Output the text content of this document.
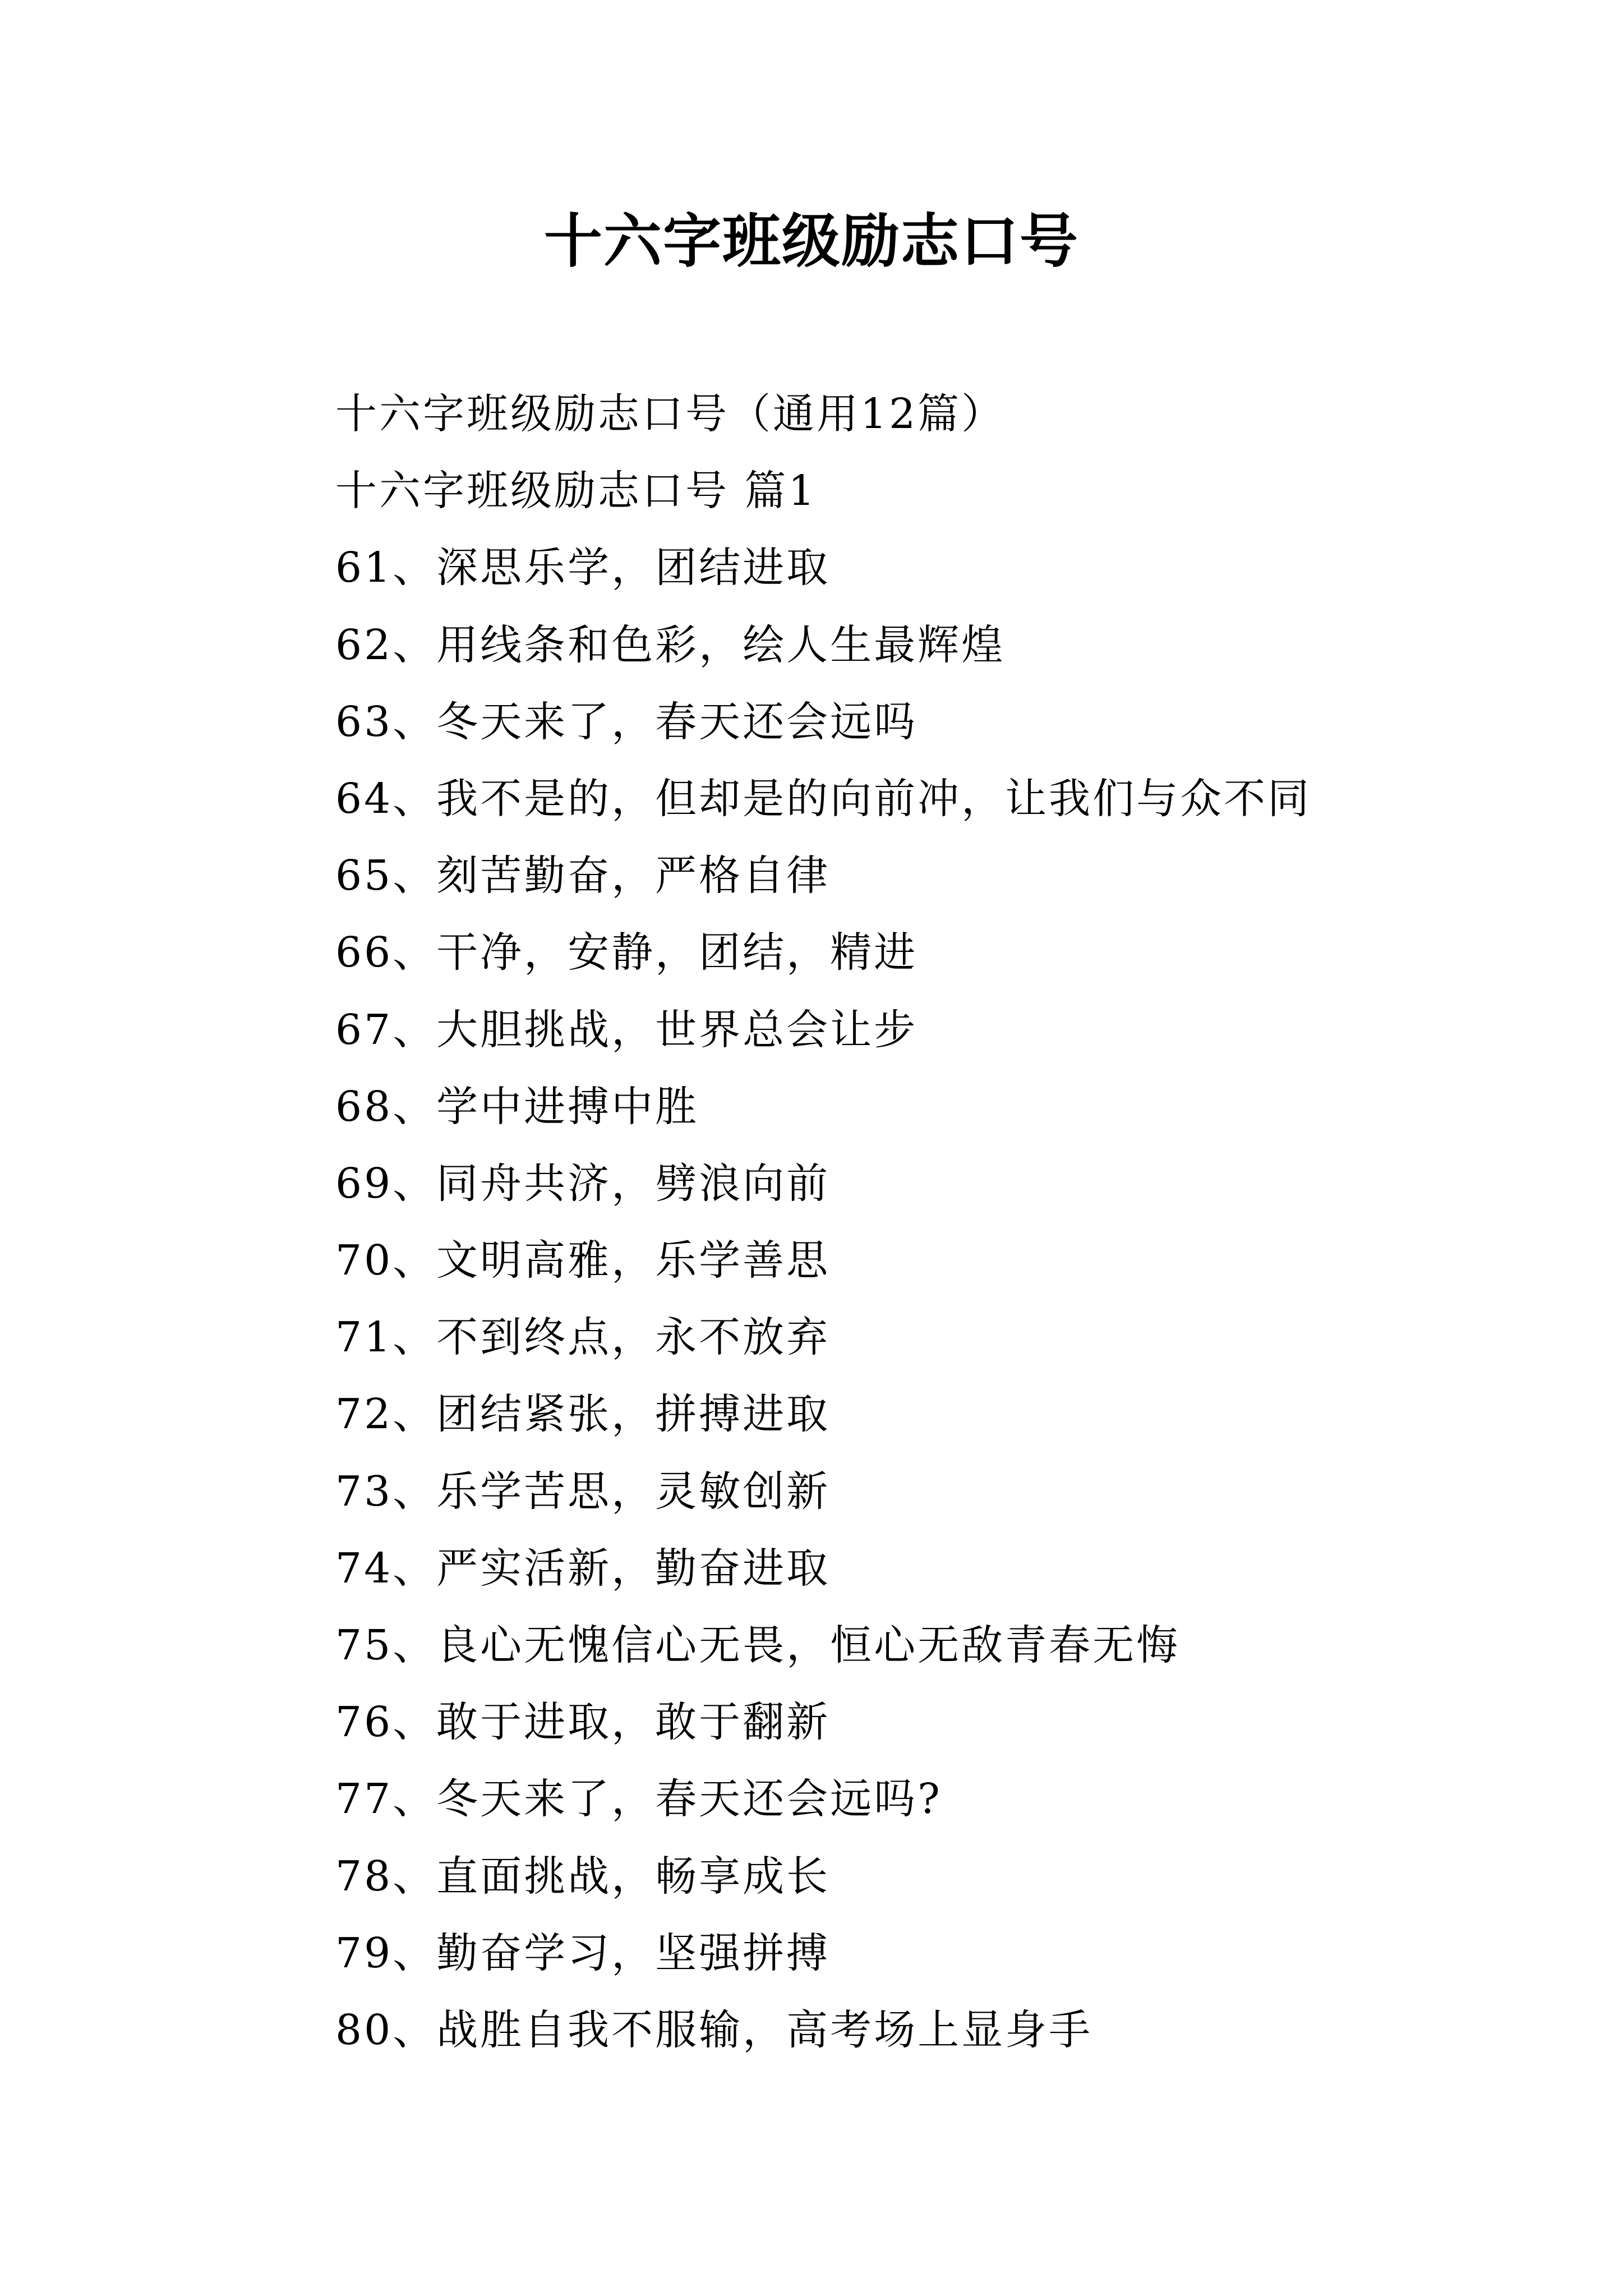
十六字班级励志口号
十六字班级励志口号（通用12篇）
十六字班级励志口号 篇1
61、深思乐学，团结进取
62、用线条和色彩，绘人生最辉煌
63、冬天来了，春天还会远吗
64、我不是的，但却是的向前冲，让我们与众不同
65、刻苦勤奋，严格自律
66、干净，安静，团结，精进
67、大胆挑战，世界总会让步
68、学中进搏中胜
69、同舟共济，劈浪向前
70、文明高雅，乐学善思
71、不到终点，永不放弃
72、团结紧张，拼搏进取
73、乐学苦思，灵敏创新
74、严实活新，勤奋进取
75、良心无愧信心无畏，恒心无敌青春无悔
76、敢于进取，敢于翻新
77、冬天来了，春天还会远吗?
78、直面挑战，畅享成长
79、勤奋学习，坚强拼搏
80、战胜自我不服输，高考场上显身手
